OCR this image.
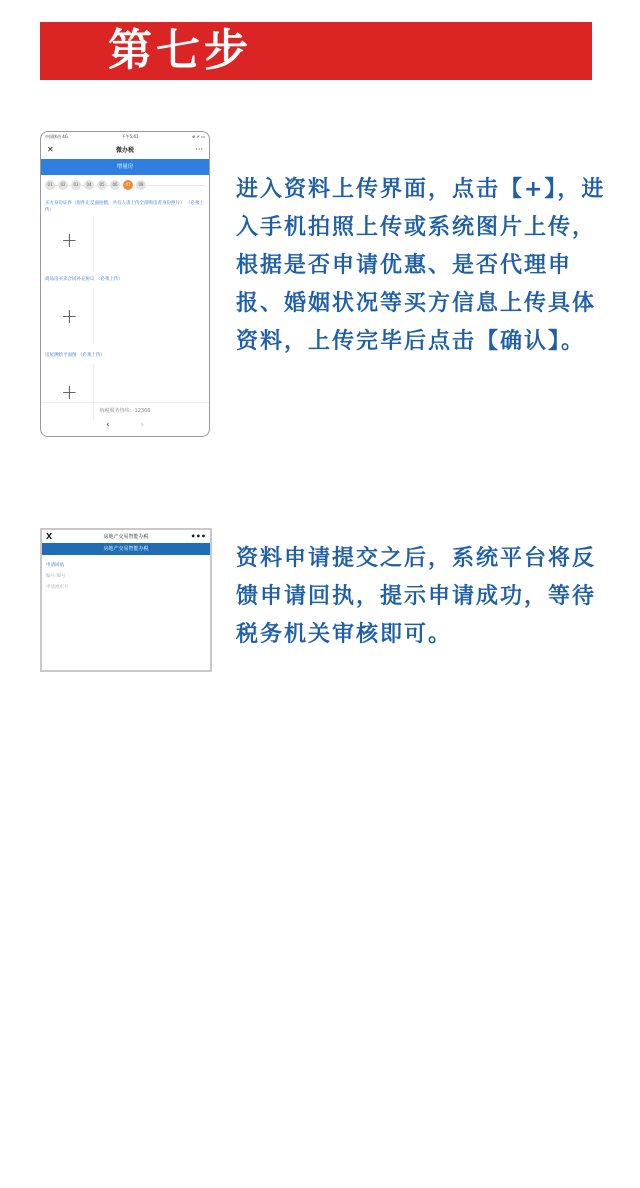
第七步
中国移动 4G	下午5:41	⊕ ✔ ▭
✕	微办税	···
增量房
01	02	03	04	05	06	07	08
买方身份证件（原件正反面拍摄，共有人请上传全部购房者身份照片） （必须上传）
+
商品房买卖合同补充协议 （必须上传）
+
房屋测绘平面图 （必须上传）
+
纳税服务热线：12366
‹	›
进入资料上传界面，点击【+】，进入手机拍照上传或系统图片上传，根据是否申请优惠、是否代理申报、婚姻状况等买方信息上传具体资料，上传完毕后点击【确认】。
X	房地产交易智能办税	•••
房地产交易智能办税
申请回执
编号:编号
申请流水号
资料申请提交之后，系统平台将反馈申请回执，提示申请成功，等待税务机关审核即可。
